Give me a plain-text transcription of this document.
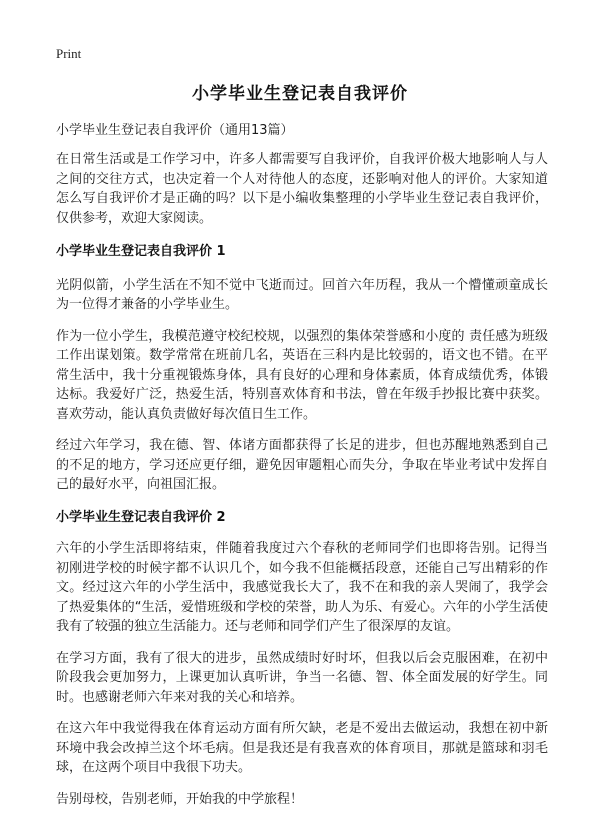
Print
小学毕业生登记表自我评价
小学毕业生登记表自我评价（通用13篇）

在日常生活或是工作学习中，许多人都需要写自我评价，自我评价极大地影响人与人之间的交往方式，也决定着一个人对待他人的态度，还影响对他人的评价。大家知道怎么写自我评价才是正确的吗？以下是小编收集整理的小学毕业生登记表自我评价，仅供参考，欢迎大家阅读。

小学毕业生登记表自我评价 1

光阴似箭，小学生活在不知不觉中飞逝而过。回首六年历程，我从一个懵懂顽童成长为一位得才兼备的小学毕业生。

作为一位小学生，我模范遵守校纪校规，以强烈的集体荣誉感和小度的 责任感为班级工作出谋划策。数学常常在班前几名，英语在三科内是比较弱的，语文也不错。在平常生活中，我十分重视锻炼身体，具有良好的心理和身体素质，体育成绩优秀，体锻达标。我爱好广泛，热爱生活，特别喜欢体育和书法，曾在年级手抄报比赛中获奖。喜欢劳动，能认真负责做好每次值日生工作。

经过六年学习，我在德、智、体诸方面都获得了长足的进步，但也苏醒地熟悉到自己的不足的地方，学习还应更仔细，避免因审题粗心而失分，争取在毕业考试中发挥自己的最好水平，向祖国汇报。

小学毕业生登记表自我评价 2

六年的小学生活即将结束，伴随着我度过六个春秋的老师同学们也即将告别。记得当初刚进学校的时候字都不认识几个，如今我不但能概括段意，还能自己写出精彩的作文。经过这六年的小学生活中，我感觉我长大了，我不在和我的亲人哭闹了，我学会了热爱集体的“生活，爱惜班级和学校的荣誉，助人为乐、有爱心。六年的小学生活使我有了较强的独立生活能力。还与老师和同学们产生了很深厚的友谊。

在学习方面，我有了很大的进步，虽然成绩时好时坏，但我以后会克服困难，在初中阶段我会更加努力，上课更加认真听讲，争当一名德、智、体全面发展的好学生。同时。也感谢老师六年来对我的关心和培养。

在这六年中我觉得我在体育运动方面有所欠缺，老是不爱出去做运动，我想在初中新环境中我会改掉兰这个坏毛病。但是我还是有我喜欢的体育项目，那就是篮球和羽毛球，在这两个项目中我很下功夫。

告别母校，告别老师，开始我的中学旅程！
